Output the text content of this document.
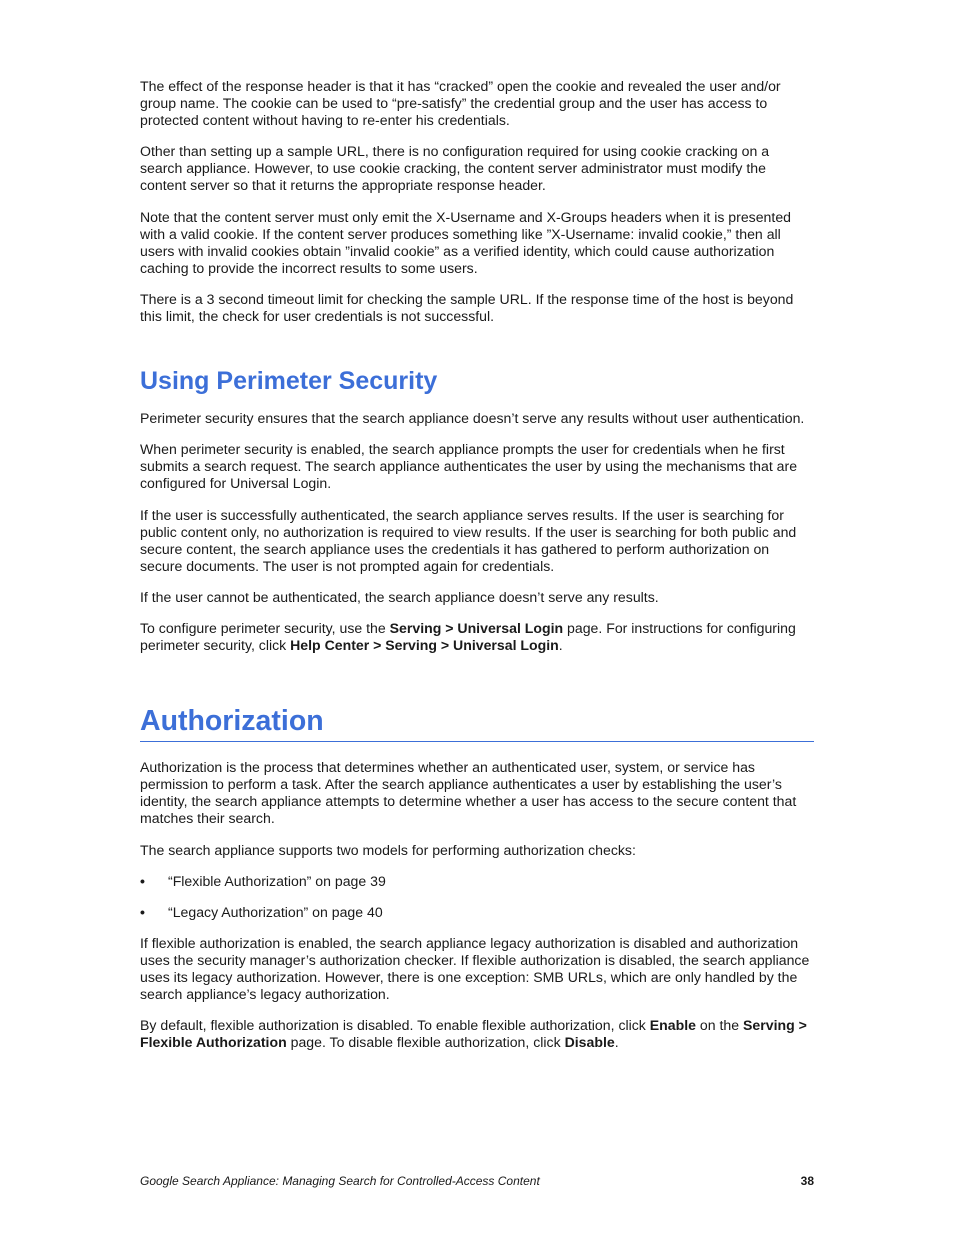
The effect of the response header is that it has “cracked” open the cookie and revealed the user and/or group name. The cookie can be used to “pre-satisfy” the credential group and the user has access to protected content without having to re-enter his credentials.

Other than setting up a sample URL, there is no configuration required for using cookie cracking on a search appliance. However, to use cookie cracking, the content server administrator must modify the content server so that it returns the appropriate response header.

Note that the content server must only emit the X-Username and X-Groups headers when it is presented with a valid cookie. If the content server produces something like ”X-Username: invalid cookie,” then all users with invalid cookies obtain ”invalid cookie” as a verified identity, which could cause authorization caching to provide the incorrect results to some users.

There is a 3 second timeout limit for checking the sample URL. If the response time of the host is beyond this limit, the check for user credentials is not successful.

Using Perimeter Security

Perimeter security ensures that the search appliance doesn’t serve any results without user authentication.

When perimeter security is enabled, the search appliance prompts the user for credentials when he first submits a search request. The search appliance authenticates the user by using the mechanisms that are configured for Universal Login.

If the user is successfully authenticated, the search appliance serves results. If the user is searching for public content only, no authorization is required to view results. If the user is searching for both public and secure content, the search appliance uses the credentials it has gathered to perform authorization on secure documents. The user is not prompted again for credentials.

If the user cannot be authenticated, the search appliance doesn’t serve any results.

To configure perimeter security, use the Serving > Universal Login page. For instructions for configuring perimeter security, click Help Center > Serving > Universal Login.

Authorization

Authorization is the process that determines whether an authenticated user, system, or service has permission to perform a task. After the search appliance authenticates a user by establishing the user’s identity, the search appliance attempts to determine whether a user has access to the secure content that matches their search.

The search appliance supports two models for performing authorization checks:

•	“Flexible Authorization” on page 39
•	“Legacy Authorization” on page 40

If flexible authorization is enabled, the search appliance legacy authorization is disabled and authorization uses the security manager’s authorization checker. If flexible authorization is disabled, the search appliance uses its legacy authorization. However, there is one exception: SMB URLs, which are only handled by the search appliance’s legacy authorization.

By default, flexible authorization is disabled. To enable flexible authorization, click Enable on the Serving > Flexible Authorization page. To disable flexible authorization, click Disable.

Google Search Appliance: Managing Search for Controlled-Access Content	38
